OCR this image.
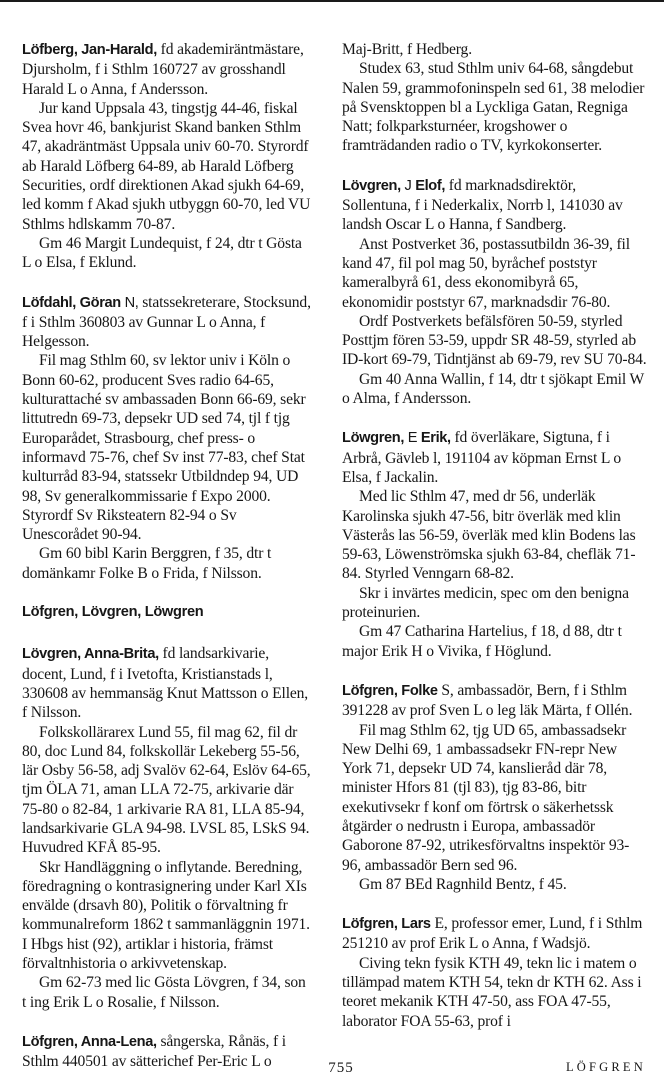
Löfberg, Jan-Harald, fd akademiräntmästare, Djursholm, f i Sthlm 160727 av grosshandl Harald L o Anna, f Andersson.

Jur kand Uppsala 43, tingstjg 44-46, fiskal Svea hovr 46, bankjurist Skand banken Sthlm 47, akadräntmäst Uppsala univ 60-70. Styrordf ab Harald Löfberg 64-89, ab Harald Löfberg Securities, ordf direktionen Akad sjukh 64-69, led komm f Akad sjukh utbyggn 60-70, led VU Sthlms hdlskamm 70-87.

Gm 46 Margit Lundequist, f 24, dtr t Gösta L o Elsa, f Eklund.

Löfdahl, Göran N, statssekreterare, Stocksund, f i Sthlm 360803 av Gunnar L o Anna, f Helgesson.

Fil mag Sthlm 60, sv lektor univ i Köln o Bonn 60-62, producent Sves radio 64-65, kulturattaché sv ambassaden Bonn 66-69, sekr littutredn 69-73, depsekr UD sed 74, tjl f tjg Europarådet, Strasbourg, chef press- o informavd 75-76, chef Sv inst 77-83, chef Stat kulturråd 83-94, statssekr Utbildndep 94, UD 98, Sv generalkommissarie f Expo 2000. Styrordf Sv Riksteatern 82-94 o Sv Unescorådet 90-94.

Gm 60 bibl Karin Berggren, f 35, dtr t domänkamr Folke B o Frida, f Nilsson.

Löfgren, Lövgren, Löwgren

Lövgren, Anna-Brita, fd landsarkivarie, docent, Lund, f i Ivetofta, Kristianstads l, 330608 av hemmansäg Knut Mattsson o Ellen, f Nilsson.

Folkskollärarex Lund 55, fil mag 62, fil dr 80, doc Lund 84, folkskollär Lekeberg 55-56, lär Osby 56-58, adj Svalöv 62-64, Eslöv 64-65, tjm ÖLA 71, aman LLA 72-75, arkivarie där 75-80 o 82-84, 1 arkivarie RA 81, LLA 85-94, landsarkivarie GLA 94-98. LVSL 85, LSkS 94. Huvudred KFÅ 85-95.

Skr Handläggning o inflytande. Beredning, föredragning o kontrasignering under Karl XIs envälde (drsavh 80), Politik o förvaltning fr kommunalreform 1862 t sammanläggnin 1971. I Hbgs hist (92), artiklar i historia, främst förvaltnhistoria o arkivvetenskap.

Gm 62-73 med lic Gösta Lövgren, f 34, son t ing Erik L o Rosalie, f Nilsson.

Löfgren, Anna-Lena, sångerska, Rånäs, f i Sthlm 440501 av sätterichef Per-Eric L o

Maj-Britt, f Hedberg.

Studex 63, stud Sthlm univ 64-68, sångdebut Nalen 59, grammofoninspeln sed 61, 38 melodier på Svensktoppen bl a Lyckliga Gatan, Regniga Natt; folkparksturnéer, krogshower o framträdanden radio o TV, kyrkokonserter.

Lövgren, J Elof, fd marknadsdirektör, Sollentuna, f i Nederkalix, Norrb l, 141030 av landsh Oscar L o Hanna, f Sandberg.

Anst Postverket 36, postassutbildn 36-39, fil kand 47, fil pol mag 50, byråchef poststyr kameralbyrå 61, dess ekonomibyrå 65, ekonomidir poststyr 67, marknadsdir 76-80.

Ordf Postverkets befälsfören 50-59, styrled Posttjm fören 53-59, uppdr SR 48-59, styrled ab ID-kort 69-79, Tidntjänst ab 69-79, rev SU 70-84.

Gm 40 Anna Wallin, f 14, dtr t sjökapt Emil W o Alma, f Andersson.

Löwgren, E Erik, fd överläkare, Sigtuna, f i Arbrå, Gävleb l, 191104 av köpman Ernst L o Elsa, f Jackalin.

Med lic Sthlm 47, med dr 56, underläk Karolinska sjukh 47-56, bitr överläk med klin Västerås las 56-59, överläk med klin Bodens las 59-63, Löwenströmska sjukh 63-84, chefläk 71-84. Styrled Venngarn 68-82.

Skr i invärtes medicin, spec om den benigna proteinurien.

Gm 47 Catharina Hartelius, f 18, d 88, dtr t major Erik H o Vivika, f Höglund.

Löfgren, Folke S, ambassadör, Bern, f i Sthlm 391228 av prof Sven L o leg läk Märta, f Ollén.

Fil mag Sthlm 62, tjg UD 65, ambassadsekr New Delhi 69, 1 ambassadsekr FN-repr New York 71, depsekr UD 74, kanslieråd där 78, minister Hfors 81 (tjl 83), tjg 83-86, bitr exekutivsekr f konf om förtrsk o säkerhetssk åtgärder o nedrustn i Europa, ambassadör Gaborone 87-92, utrikesförvaltns inspektör 93-96, ambassadör Bern sed 96.

Gm 87 BEd Ragnhild Bentz, f 45.

Löfgren, Lars E, professor emer, Lund, f i Sthlm 251210 av prof Erik L o Anna, f Wadsjö.

Civing tekn fysik KTH 49, tekn lic i matem o tillämpad matem KTH 54, tekn dr KTH 62. Ass i teoret mekanik KTH 47-50, ass FOA 47-55, laborator FOA 55-63, prof i

755	LÖFGREN
